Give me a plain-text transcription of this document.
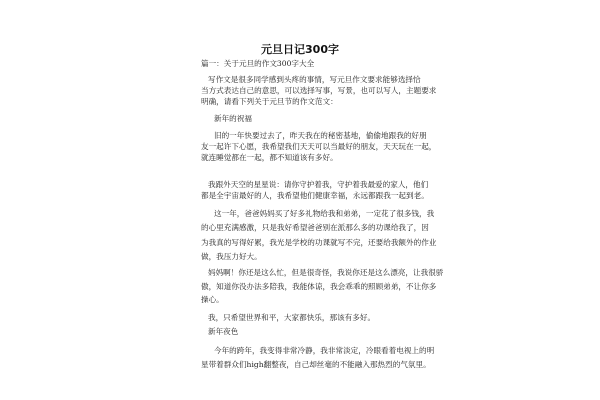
元旦日记300字
篇一：关于元旦的作文300字大全
写作文是很多同学感到头疼的事情，写元旦作文要求能够选择恰
当方式表达自己的意思，可以选择写事，写景，也可以写人，主题要求
明确，请看下列关于元旦节的作文范文：
新年的祝福
旧的一年快要过去了，昨天我在的秘密基地，偷偷地跟我的好朋
友一起许下心愿，我希望我们天天可以当最好的朋友，天天玩在一起，
就连睡觉都在一起，都不知道该有多好。
我跟外天空的星星说：请你守护着我，守护着我最爱的家人，他们
都是全宇宙最好的人，我希望他们健康幸福，永远都跟我一起到老。
这一年，爸爸妈妈买了好多礼物给我和弟弟，一定花了很多钱，我
的心里充满感激，只是我好希望爸爸别在派那么多的功课给我了，因
为我真的写得好累，我光是学校的功课就写不完，还要给我额外的作业
做，我压力好大。
妈妈啊！你还是这么忙，但是很奇怪，我说你还是这么漂亮，让我很骄
傲，知道你没办法多陪我，我能体谅，我会乖乖的照顾弟弟，不让你多
操心。
我，只希望世界和平，大家都快乐，那该有多好。
新年夜色
今年的跨年，我变得非常冷静，我非常淡定，冷眼看着电视上的明
星带着群众们high翻整夜，自己却丝毫的不能融入那热烈的气氛里。
